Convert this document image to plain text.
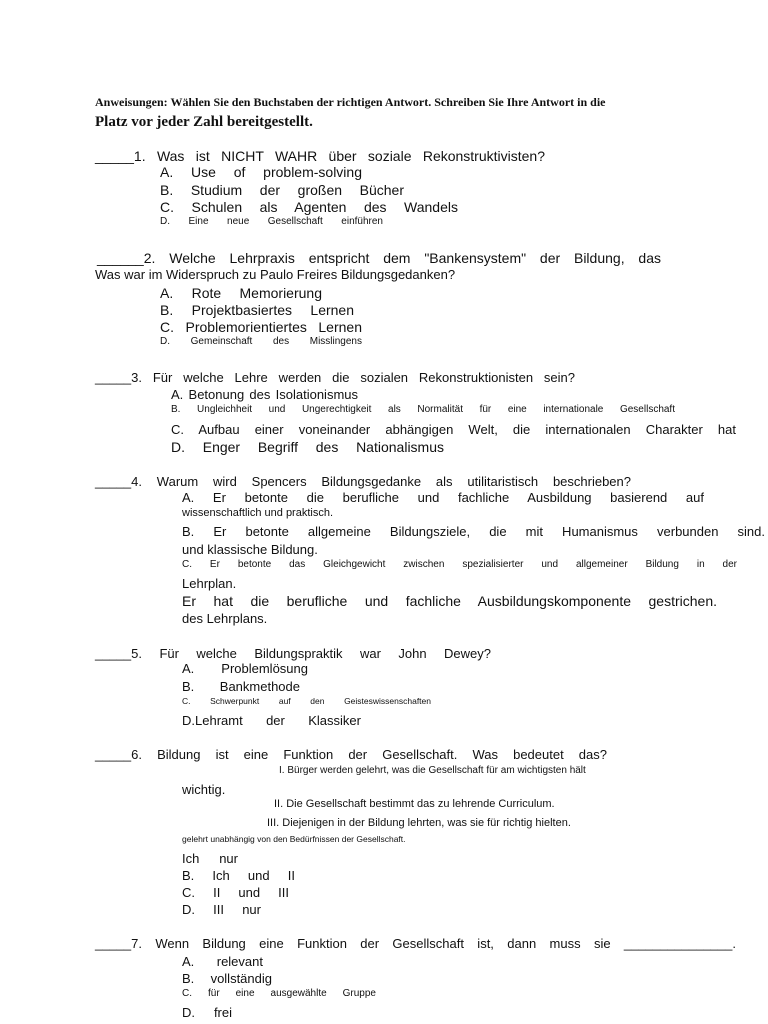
Anweisungen: Wählen Sie den Buchstaben der richtigen Antwort. Schreiben Sie Ihre Antwort in die
Platz vor jeder Zahl bereitgestellt.
_____1. Was ist NICHT WAHR über soziale Rekonstruktivisten?
A. Use of problem-solving
B. Studium der großen Bücher
C. Schulen als Agenten des Wandels
D. Eine neue Gesellschaft einführen
______2. Welche Lehrpraxis entspricht dem "Bankensystem" der Bildung, das
Was war im Widerspruch zu Paulo Freires Bildungsgedanken?
A. Rote Memorierung
B. Projektbasiertes Lernen
C. Problemorientiertes Lernen
D. Gemeinschaft des Misslingens
_____3. Für welche Lehre werden die sozialen Rekonstruktionisten sein?
A. Betonung des Isolationismus
B. Ungleichheit und Ungerechtigkeit als Normalität für eine internationale Gesellschaft
C. Aufbau einer voneinander abhängigen Welt, die internationalen Charakter hat
D. Enger Begriff des Nationalismus
_____4. Warum wird Spencers Bildungsgedanke als utilitaristisch beschrieben?
A. Er betonte die berufliche und fachliche Ausbildung basierend auf
wissenschaftlich und praktisch.
B. Er betonte allgemeine Bildungsziele, die mit Humanismus verbunden sind.
und klassische Bildung.
C. Er betonte das Gleichgewicht zwischen spezialisierter und allgemeiner Bildung in der
Lehrplan.
Er hat die berufliche und fachliche Ausbildungskomponente gestrichen.
des Lehrplans.
_____5. Für welche Bildungspraktik war John Dewey?
A. Problemlösung
B. Bankmethode
C. Schwerpunkt auf den Geisteswissenschaften
D.Lehramt der Klassiker
_____6. Bildung ist eine Funktion der Gesellschaft. Was bedeutet das?
I. Bürger werden gelehrt, was die Gesellschaft für am wichtigsten hält
wichtig.
II. Die Gesellschaft bestimmt das zu lehrende Curriculum.
III. Diejenigen in der Bildung lehrten, was sie für richtig hielten.
gelehrt unabhängig von den Bedürfnissen der Gesellschaft.
Ich nur
B. Ich und II
C. II und III
D. III nur
_____7. Wenn Bildung eine Funktion der Gesellschaft ist, dann muss sie _______________.
A. relevant
B. vollständig
C. für eine ausgewählte Gruppe
D. frei
